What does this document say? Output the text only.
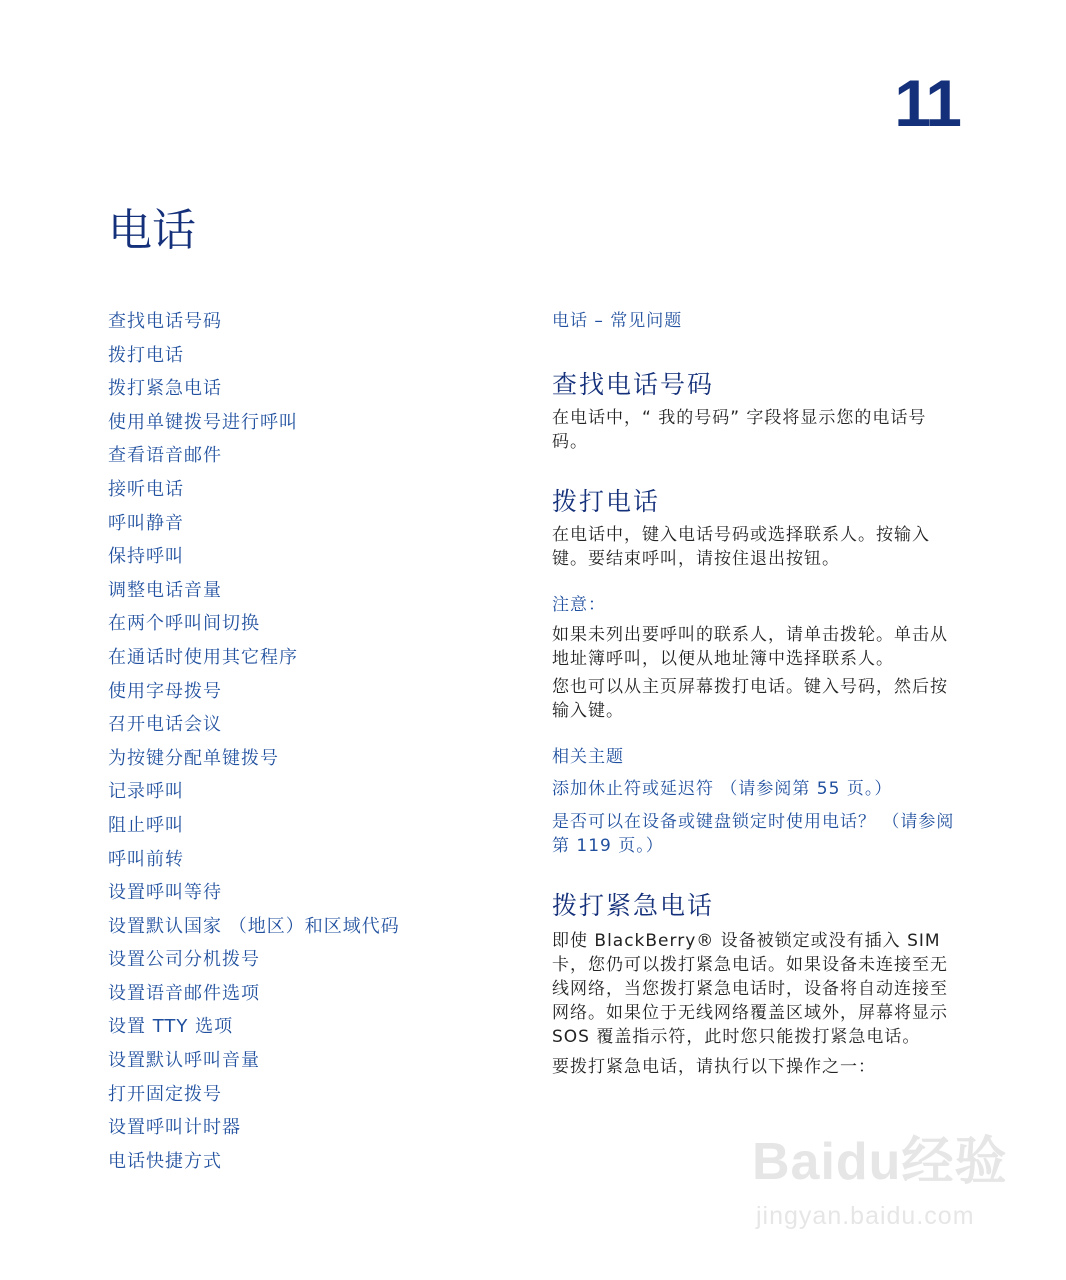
11
电话
查找电话号码
拨打电话
拨打紧急电话
使用单键拨号进行呼叫
查看语音邮件
接听电话
呼叫静音
保持呼叫
调整电话音量
在两个呼叫间切换
在通话时使用其它程序
使用字母拨号
召开电话会议
为按键分配单键拨号
记录呼叫
阻止呼叫
呼叫前转
设置呼叫等待
设置默认国家 （地区）和区域代码
设置公司分机拨号
设置语音邮件选项
设置 TTY 选项
设置默认呼叫音量
打开固定拨号
设置呼叫计时器
电话快捷方式
电话 – 常见问题
查找电话号码

在电话中，“ 我的号码” 字段将显示您的电话号码。

拨打电话

在电话中，键入电话号码或选择联系人。按输入键。要结束呼叫，请按住退出按钮。

注意：

如果未列出要呼叫的联系人，请单击拨轮。单击从地址簿呼叫，以便从地址簿中选择联系人。

您也可以从主页屏幕拨打电话。键入号码，然后按输入键。

相关主题
添加休止符或延迟符 （请参阅第 55 页。）
是否可以在设备或键盘锁定时使用电话？ （请参阅第 119 页。）
拨打紧急电话

即使 BlackBerry® 设备被锁定或没有插入 SIM 卡，您仍可以拨打紧急电话。如果设备未连接至无线网络，当您拨打紧急电话时，设备将自动连接至网络。如果位于无线网络覆盖区域外，屏幕将显示 SOS 覆盖指示符，此时您只能拨打紧急电话。

要拨打紧急电话，请执行以下操作之一：

Baidu经验
jingyan.baidu.com
